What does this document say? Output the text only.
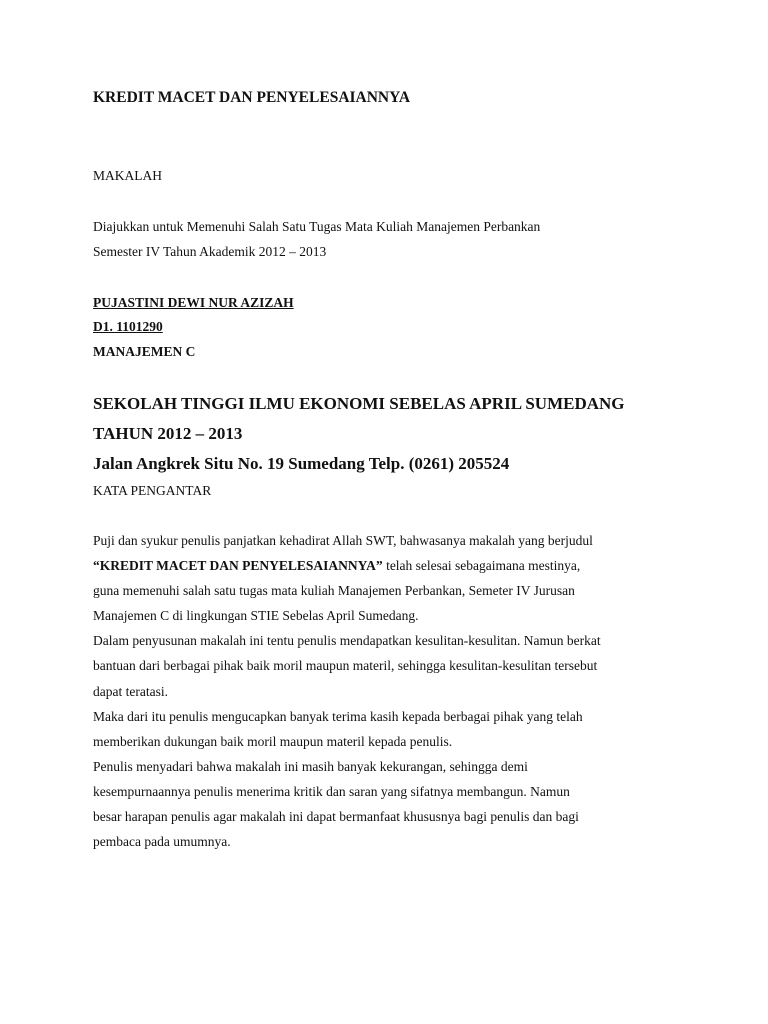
KREDIT MACET DAN PENYELESAIANNYA
MAKALAH
Diajukkan untuk Memenuhi Salah Satu Tugas Mata Kuliah Manajemen Perbankan
Semester IV Tahun Akademik 2012 – 2013
PUJASTINI DEWI NUR AZIZAH
D1. 1101290
MANAJEMEN C
SEKOLAH TINGGI ILMU EKONOMI SEBELAS APRIL SUMEDANG
TAHUN 2012 – 2013
Jalan Angkrek Situ No. 19 Sumedang Telp. (0261) 205524
KATA PENGANTAR
Puji dan syukur penulis panjatkan kehadirat Allah SWT, bahwasanya makalah yang berjudul
“KREDIT MACET DAN PENYELESAIANNYA” telah selesai sebagaimana mestinya,
guna memenuhi salah satu tugas mata kuliah Manajemen Perbankan, Semeter IV Jurusan
Manajemen C di lingkungan STIE Sebelas April Sumedang.
Dalam penyusunan makalah ini tentu penulis mendapatkan kesulitan-kesulitan. Namun berkat
bantuan dari berbagai pihak baik moril maupun materil, sehingga kesulitan-kesulitan tersebut
dapat teratasi.
Maka dari itu penulis mengucapkan banyak terima kasih kepada berbagai pihak yang telah
memberikan dukungan baik moril maupun materil kepada penulis.
Penulis menyadari bahwa makalah ini masih banyak kekurangan, sehingga demi
kesempurnaannya penulis menerima kritik dan saran yang sifatnya membangun. Namun
besar harapan penulis agar makalah ini dapat bermanfaat khususnya bagi penulis dan bagi
pembaca pada umumnya.
